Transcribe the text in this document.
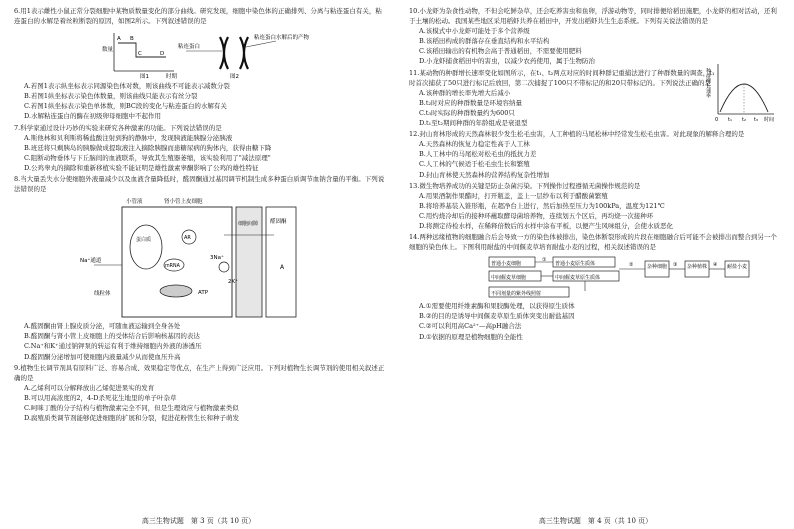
6.用1表示雌性小鼠正常分裂细胞中某物质数量变化的部分曲线。研究发现，细胞中染色体的正确排列、分离与粘连蛋白有关，粘连蛋白的水解是着丝粒断裂的原因，如图2所示。下列叙述错误的是

数量
时期
A B
C	D
粘连蛋白
粘连蛋白水解后的产物
图1	图2

A.若图1表示纵坐标表示同源染色体对数，则该曲线不可能表示减数分裂

B.若图1纵坐标表示染色体数量，则该曲线只能表示有丝分裂

C.若图1纵坐标表示染色单体数，则BC段的变化与粘连蛋白的水解有关

D.水解粘连蛋白的酶在初级卵母细胞中不起作用

7.科学家通过设计巧妙的实验来研究各种激素的功能。下列说法错误的是

A.斯他林和贝利斯将稀盐酸注射到狗的静脉中，发现胰液能胰腺分泌胰液

B.班廷将只剩胰岛的胰腺做成提取液注入摘除胰腺而患糖尿病的狗体内，获得由糖下降

C.阻断动物垂体与下丘脑间的血液联系，导致其生殖器萎缩，该实验利用了"减法原理"

D.公鸡睾丸的摘除和重新移植实验不能证明是雄性激素睾酮影响了公鸡的雄性特征

8.当大量丢失水分使细胞外液量减少以及血液含量降低时，醛固酮通过基因调节机制生成多种蛋白质调节血钠含量的平衡。下列说法错误的是

小管液	肾小管上皮细胞
细胞间隙 醛固酮
A
Na⁺通道
AR
mRNA
ATP
蛋白质
2K⁺
3Na⁺
线粒体

A.醛固酮由肾上腺皮质分泌，可随血液运输到全身各处

B.醛固酮与肾小管上皮细胞上的受体结合后影响核基因的表达

C.Na⁺和K⁺通过钠钾泵的转运有利于维持细胞内外液的渗透压

D.醛固酮分泌增加可使细胞内液量减少从而使血压升高

9.植物生长调节剂具有原料广泛、容易合成、效果稳定等优点，在生产上得到广泛应用。下列对植物生长调节剂的使用相关叙述正确的是

A.乙烯利可以分解释放出乙烯促进果实的发育

B.可以用高浓度的2，4-D杀死花生地里的单子叶杂草

C.呵咪丁酸的分子结构与植物激素完全不同，但是生理效应与植物激素类似

D.腐殖质类调节剂能够促进细胞的扩展和分裂，促进花粉管生长和种子萌发

高三生物试题　第 3 页（共 10 页）

10.小龙虾为杂食性动物，不但会吃鲜杂草，还会吃养害虫和鱼卵，浮游动物等，同时排便给稻田施肥，小龙虾的相对活动，还利于土壤的松动。我国某些地区采用稻虾共养在稻田中，开发出稻虾共生生态系统。下列有关说法错误的是

A.该模式中小龙虾可能处于多个营养级

B.该稻田构成的群落存在垂直结构和水平结构

C.该稻田输出的有机物会高于普通稻田，不需要使用肥料

D.小龙虾捕食稻田中的害虫，以减少农药使用，属于生物防治

11.某动物的种群增长速率变化如图所示，在t₁、t₂两点对应的时间种群记重捕法进行了种群数量的调查，t₁时首次捕获了50只进行标记后放回，第二次捕捉了100只不带标记的和20只带标记的。下列说法正确的是

A.该种群的增长率先增大后减小

B.t₂时对应的种群数量是环境容纳量

C.t₃时实际的种群数量约为600只

D.t₁至t₂期间种群的年龄组成是衰退型

种群增长速率
时间
0 t₁ t₂ t₃

12.封山育林形成的天然森林很少发生松毛虫害，人工种植的马尾松林中经常发生松毛虫害。对此现象的解释合理的是

A.天然森林的恢复力稳定性高于人工林

B.人工林中的马尾松对松毛虫的抵抗力差

C.人工林的气候适于松毛虫生长和繁殖

D.封山育林使天然森林的营养结构复杂性增加

13.微生物培养成功的关键是防止杂菌污染。下列操作过程遵循无菌操作规范的是

A.用果酒制作果醋时，打开瓶盖，盖上一层纱布以利于醋酸菌繁殖

B.将培养基装入锥形瓶，在超净台上进行，然后加热至压力为100kPa，温度为121℃

C.用灼烧冷却后的接种环蘸取酵母菌培养物，连续划五个区后，再均烧一次接种环

D.将测定待检水样，在稀释倍数后的水样中涂布平板，以便产生风味组分，会使水质恶化

14.两种远缘植物的细胞融合后会导致一方的染色体被排出，染色体断裂形成的片段在细胞融合后可能不会被排出而整合到另一个细胞的染色体上。下图利用耐盐的中间偃麦草培育耐盐小麦的过程，相关叙述错误的是

普通小麦细胞	普通小麦原生质体
中间偃麦草细胞	中间偃麦草原生质体
①
②	杂种细胞 ③ 杂种植株 ④ 耐盐小麦
不同剂量的紫外线照射

A.①需要使用纤维素酶和果胶酶处理，以获得原生质体

B.②的目的是诱导中间偃麦草原生质体突变出耐盐基因

C.②可以利用高Ca²⁺—高pH融合法

D.①依据的原理是植物细胞的全能性

高三生物试题　第 4 页（共 10 页）
